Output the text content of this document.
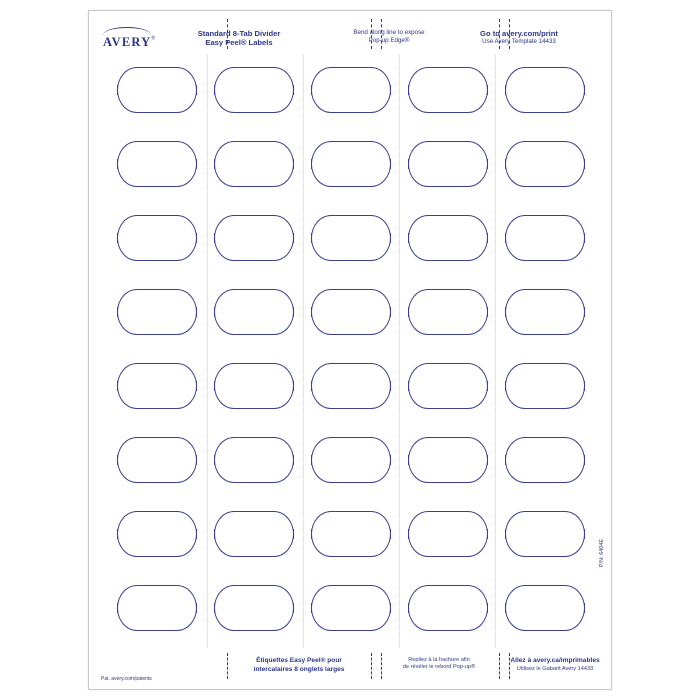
AVERY®
Standard 8-Tab Divider
Easy Peel® Labels
Bend along line to expose
Pop-up Edge®
Go to avery.com/print
Use Avery Template 14433
P/N: 6404E
Étiquettes Easy Peel® pour
intercalaires 8 onglets larges
Repliez à la hachure afin
de révéler le rebord Pop-up®
Allez à avery.ca/imprimables
Utilisez le Gabarit Avery 14433
Pat. avery.com/patents
